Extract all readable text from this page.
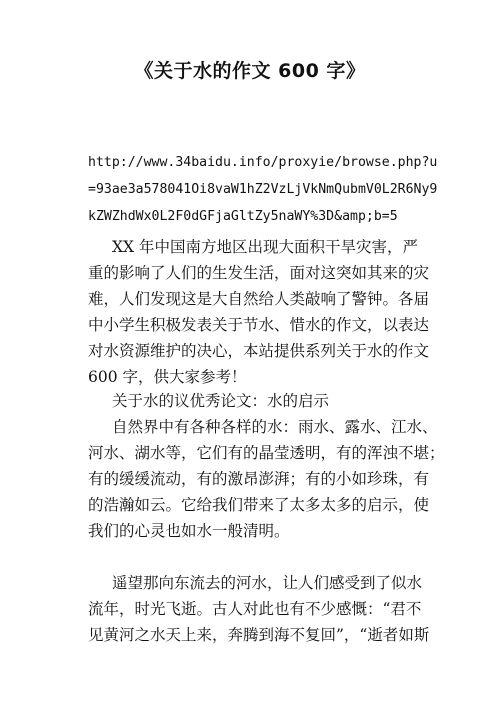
《关于水的作文 600 字》
http://www.34baidu.info/proxyie/browse.php?u
=93ae3a578041Oi8vaW1hZ2VzLjVkNmQubmV0L2R6Ny9
kZWZhdWx0L2F0dGFjaGltZy5naWY%3D&amp;b=5
XX 年中国南方地区出现大面积干旱灾害，严
重的影响了人们的生发生活，面对这突如其来的灾
难，人们发现这是大自然给人类敲响了警钟。各届
中小学生积极发表关于节水、惜水的作文，以表达
对水资源维护的决心，本站提供系列关于水的作文
600 字，供大家参考！
关于水的议优秀论文：水的启示
自然界中有各种各样的水：雨水、露水、江水、
河水、湖水等，它们有的晶莹透明，有的浑浊不堪；
有的缓缓流动，有的激昂澎湃；有的小如珍珠，有
的浩瀚如云。它给我们带来了太多太多的启示，使
我们的心灵也如水一般清明。
遥望那向东流去的河水，让人们感受到了似水
流年，时光飞逝。古人对此也有不少感慨：“君不
见黄河之水天上来，奔腾到海不复回”，“逝者如斯
